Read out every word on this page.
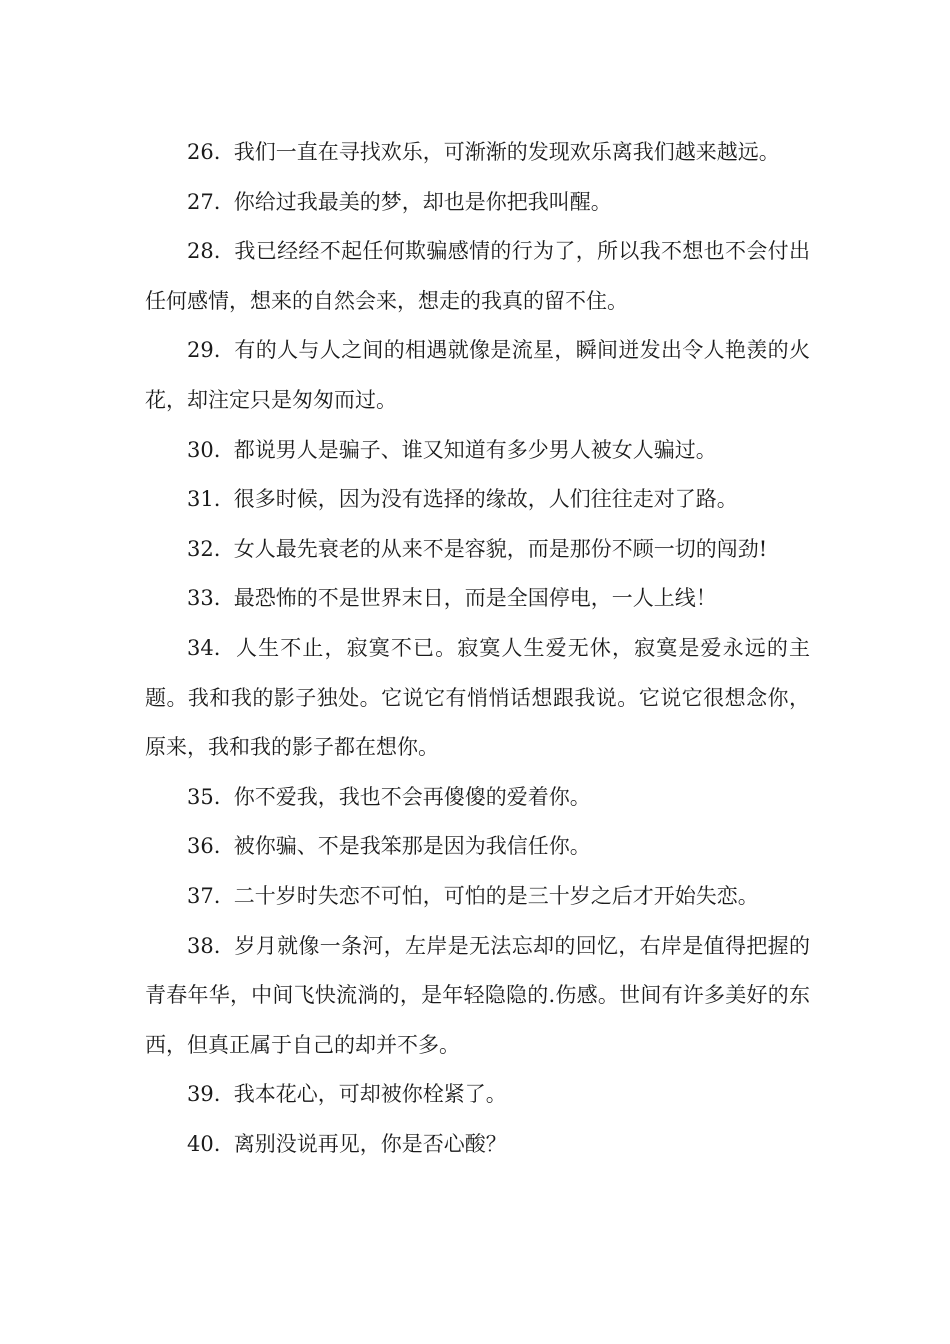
26. 我们一直在寻找欢乐，可渐渐的发现欢乐离我们越来越远。

27. 你给过我最美的梦，却也是你把我叫醒。

28. 我已经经不起任何欺骗感情的行为了，所以我不想也不会付出任何感情，想来的自然会来，想走的我真的留不住。

29. 有的人与人之间的相遇就像是流星，瞬间迸发出令人艳羡的火花，却注定只是匆匆而过。

30. 都说男人是骗子、谁又知道有多少男人被女人骗过。

31. 很多时候，因为没有选择的缘故，人们往往走对了路。

32. 女人最先衰老的从来不是容貌，而是那份不顾一切的闯劲!

33. 最恐怖的不是世界末日，而是全国停电，一人上线！

34. 人生不止，寂寞不已。寂寞人生爱无休，寂寞是爱永远的主题。我和我的影子独处。它说它有悄悄话想跟我说。它说它很想念你，原来，我和我的影子都在想你。

35. 你不爱我，我也不会再傻傻的爱着你。

36. 被你骗、不是我笨那是因为我信任你。

37. 二十岁时失恋不可怕，可怕的是三十岁之后才开始失恋。

38. 岁月就像一条河，左岸是无法忘却的回忆，右岸是值得把握的青春年华，中间飞快流淌的，是年轻隐隐的.伤感。世间有许多美好的东西，但真正属于自己的却并不多。

39. 我本花心，可却被你栓紧了。

40. 离别没说再见，你是否心酸？
